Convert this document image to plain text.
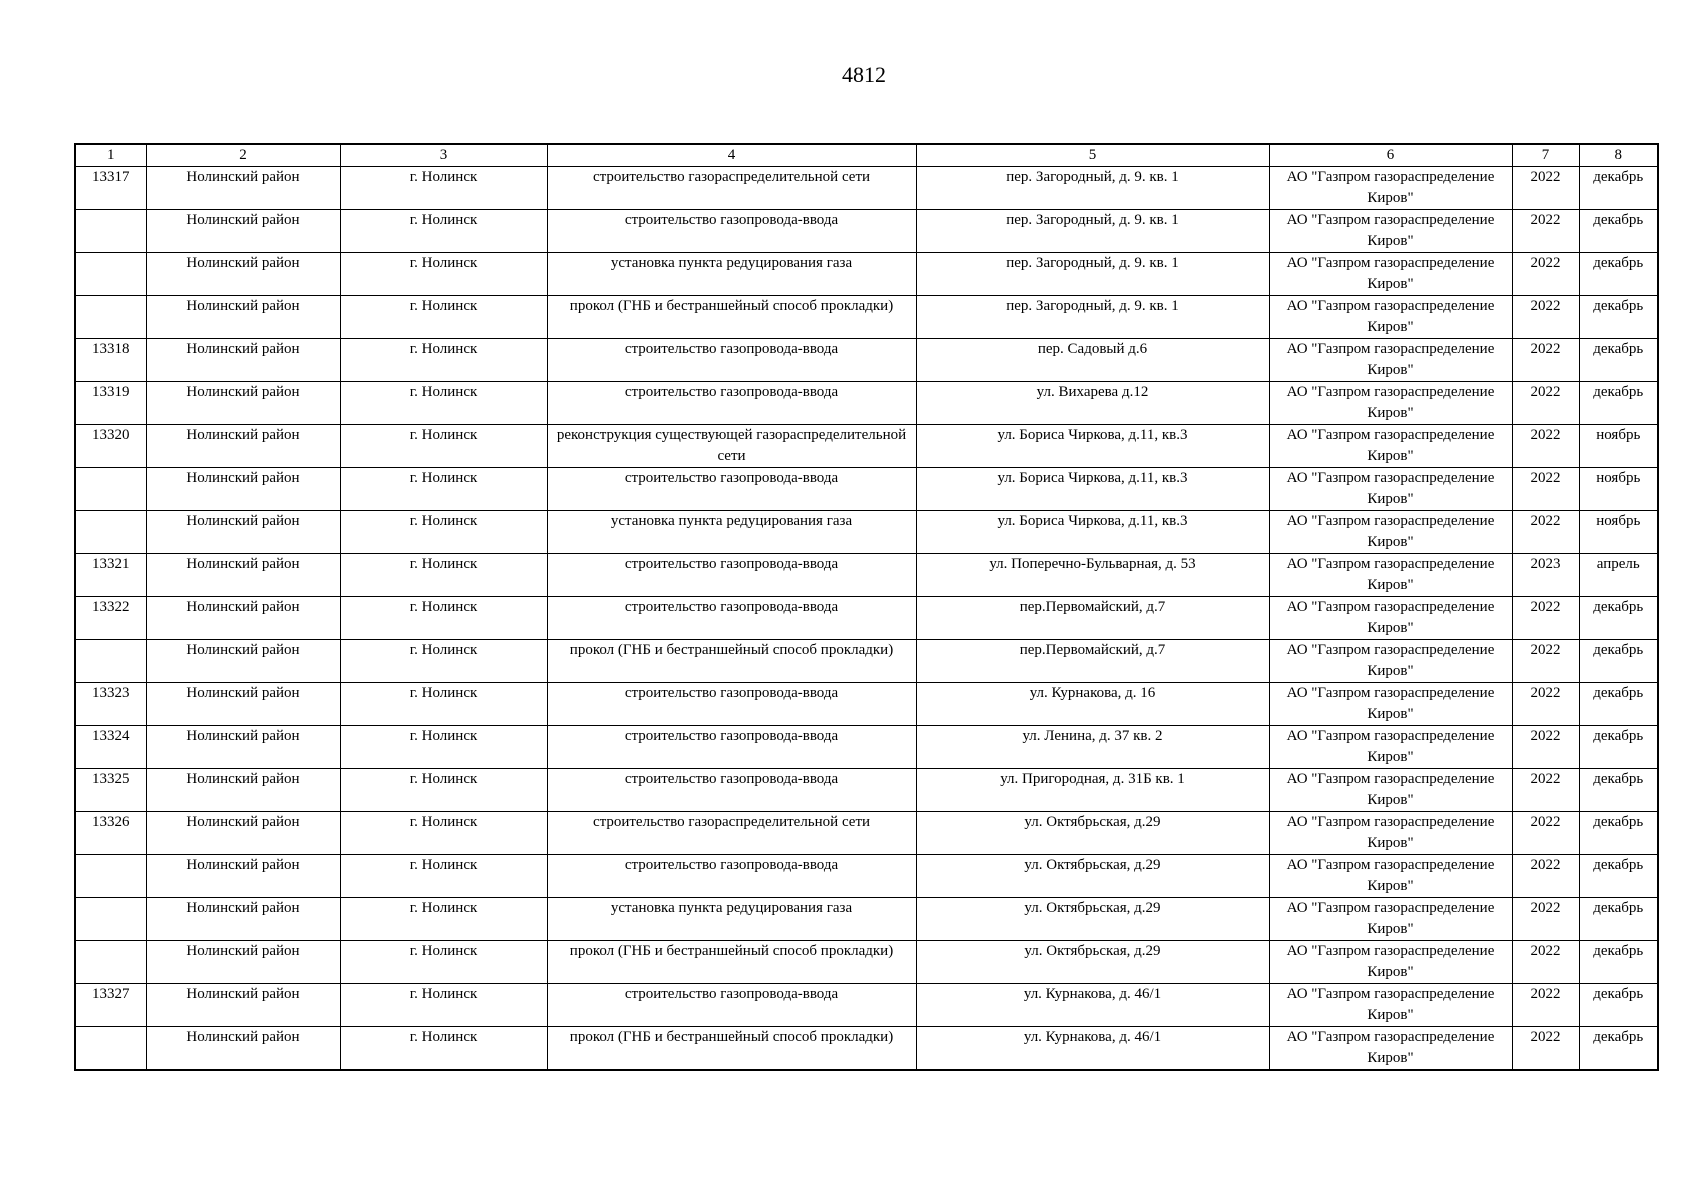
4812
1	2	3	4	5	6	7	8
13317	Нолинский район	г. Нолинск	строительство газораспределительной сети	пер. Загородный, д. 9. кв. 1	АО "Газпром газораспределение Киров"	2022	декабрь
	Нолинский район	г. Нолинск	строительство газопровода-ввода	пер. Загородный, д. 9. кв. 1	АО "Газпром газораспределение Киров"	2022	декабрь
	Нолинский район	г. Нолинск	установка пункта редуцирования газа	пер. Загородный, д. 9. кв. 1	АО "Газпром газораспределение Киров"	2022	декабрь
	Нолинский район	г. Нолинск	прокол (ГНБ и бестраншейный способ прокладки)	пер. Загородный, д. 9. кв. 1	АО "Газпром газораспределение Киров"	2022	декабрь
13318	Нолинский район	г. Нолинск	строительство газопровода-ввода	пер. Садовый д.6	АО "Газпром газораспределение Киров"	2022	декабрь
13319	Нолинский район	г. Нолинск	строительство газопровода-ввода	ул. Вихарева д.12	АО "Газпром газораспределение Киров"	2022	декабрь
13320	Нолинский район	г. Нолинск	реконструкция существующей газораспределительной сети	ул. Бориса Чиркова, д.11, кв.3	АО "Газпром газораспределение Киров"	2022	ноябрь
	Нолинский район	г. Нолинск	строительство газопровода-ввода	ул. Бориса Чиркова, д.11, кв.3	АО "Газпром газораспределение Киров"	2022	ноябрь
	Нолинский район	г. Нолинск	установка пункта редуцирования газа	ул. Бориса Чиркова, д.11, кв.3	АО "Газпром газораспределение Киров"	2022	ноябрь
13321	Нолинский район	г. Нолинск	строительство газопровода-ввода	ул. Поперечно-Бульварная, д. 53	АО "Газпром газораспределение Киров"	2023	апрель
13322	Нолинский район	г. Нолинск	строительство газопровода-ввода	пер.Первомайский, д.7	АО "Газпром газораспределение Киров"	2022	декабрь
	Нолинский район	г. Нолинск	прокол (ГНБ и бестраншейный способ прокладки)	пер.Первомайский, д.7	АО "Газпром газораспределение Киров"	2022	декабрь
13323	Нолинский район	г. Нолинск	строительство газопровода-ввода	ул. Курнакова, д. 16	АО "Газпром газораспределение Киров"	2022	декабрь
13324	Нолинский район	г. Нолинск	строительство газопровода-ввода	ул. Ленина, д. 37 кв. 2	АО "Газпром газораспределение Киров"	2022	декабрь
13325	Нолинский район	г. Нолинск	строительство газопровода-ввода	ул. Пригородная, д. 31Б кв. 1	АО "Газпром газораспределение Киров"	2022	декабрь
13326	Нолинский район	г. Нолинск	строительство газораспределительной сети	ул. Октябрьская, д.29	АО "Газпром газораспределение Киров"	2022	декабрь
	Нолинский район	г. Нолинск	строительство газопровода-ввода	ул. Октябрьская, д.29	АО "Газпром газораспределение Киров"	2022	декабрь
	Нолинский район	г. Нолинск	установка пункта редуцирования газа	ул. Октябрьская, д.29	АО "Газпром газораспределение Киров"	2022	декабрь
	Нолинский район	г. Нолинск	прокол (ГНБ и бестраншейный способ прокладки)	ул. Октябрьская, д.29	АО "Газпром газораспределение Киров"	2022	декабрь
13327	Нолинский район	г. Нолинск	строительство газопровода-ввода	ул. Курнакова, д. 46/1	АО "Газпром газораспределение Киров"	2022	декабрь
	Нолинский район	г. Нолинск	прокол (ГНБ и бестраншейный способ прокладки)	ул. Курнакова, д. 46/1	АО "Газпром газораспределение Киров"	2022	декабрь
